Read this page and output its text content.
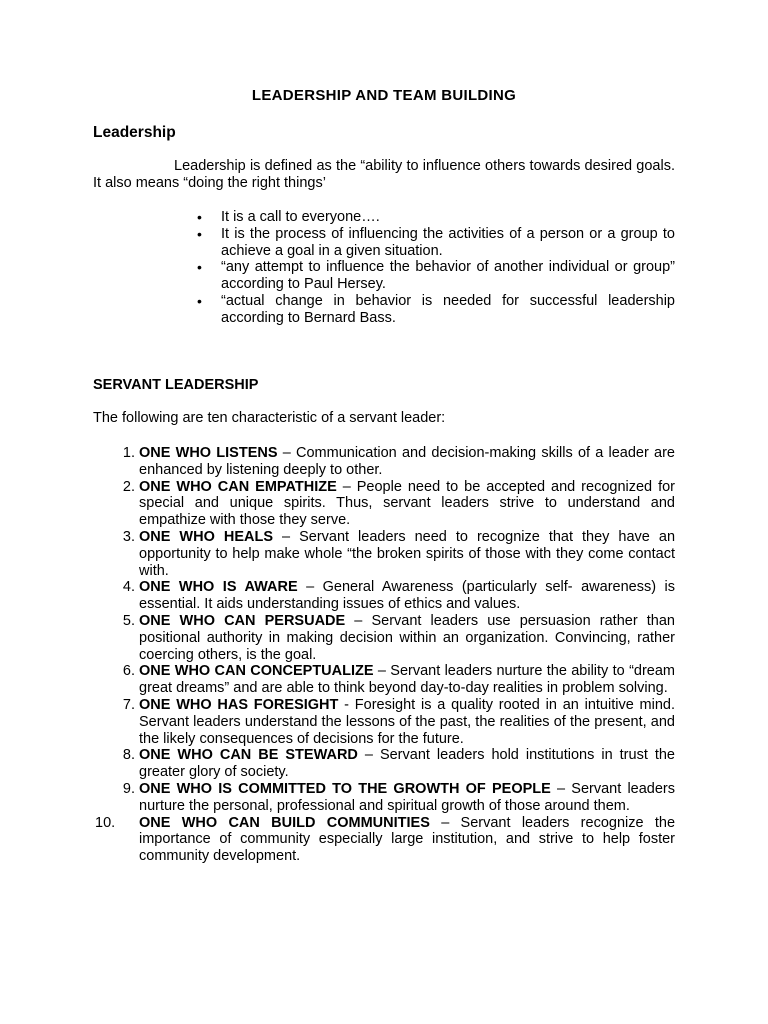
LEADERSHIP AND TEAM BUILDING
Leadership

Leadership is defined as the “ability to influence others towards desired goals. It also means “doing the right things’

• It is a call to everyone….
• It is the process of influencing the activities of a person or a group to achieve a goal in a given situation.
• “any attempt to influence the behavior of another individual or group” according to Paul Hersey.
• “actual change in behavior is needed for successful leadership according to Bernard Bass.
SERVANT LEADERSHIP

The following are ten characteristic of a servant leader:

1. ONE WHO LISTENS – Communication and decision-making skills of a leader are enhanced by listening deeply to other.
2. ONE WHO CAN EMPATHIZE – People need to be accepted and recognized for special and unique spirits. Thus, servant leaders strive to understand and empathize with those they serve.
3. ONE WHO HEALS – Servant leaders need to recognize that they have an opportunity to help make whole “the broken spirits of those with they come contact with.
4. ONE WHO IS AWARE – General Awareness (particularly self- awareness) is essential. It aids understanding issues of ethics and values.
5. ONE WHO CAN PERSUADE – Servant leaders use persuasion rather than positional authority in making decision within an organization. Convincing, rather coercing others, is the goal.
6. ONE WHO CAN CONCEPTUALIZE – Servant leaders nurture the ability to “dream great dreams” and are able to think beyond day-to-day realities in problem solving.
7. ONE WHO HAS FORESIGHT - Foresight is a quality rooted in an intuitive mind. Servant leaders understand the lessons of the past, the realities of the present, and the likely consequences of decisions for the future.
8. ONE WHO CAN BE STEWARD – Servant leaders hold institutions in trust the greater glory of society.
9. ONE WHO IS COMMITTED TO THE GROWTH OF PEOPLE – Servant leaders nurture the personal, professional and spiritual growth of those around them.
10.	ONE WHO CAN BUILD COMMUNITIES – Servant leaders recognize the importance of community especially large institution, and strive to help foster community development.
